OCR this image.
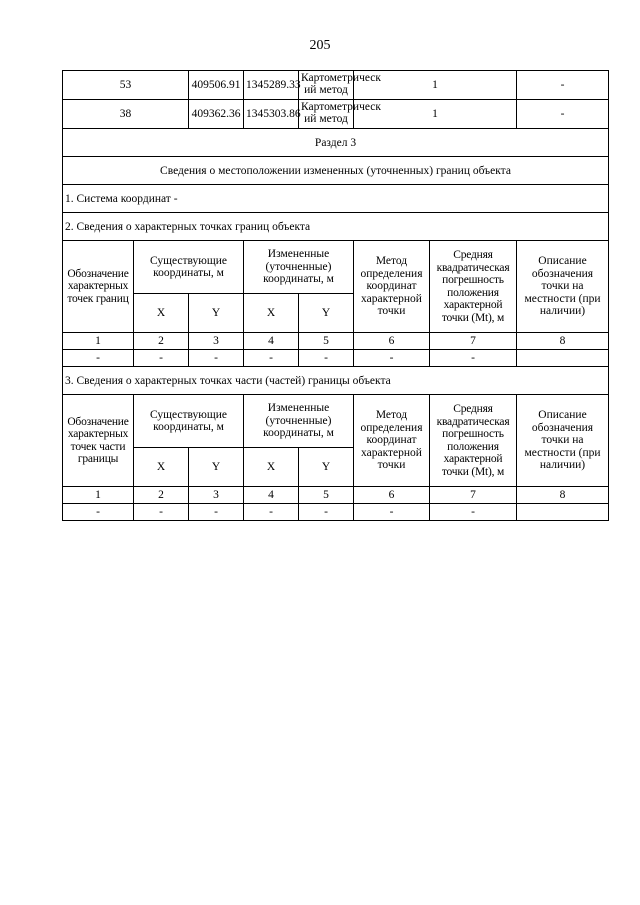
205
53		409506.91	1345289.33	Картометрическ ий метод	1		-
38		409362.36	1345303.86	Картометрическ ий метод	1		-
Раздел 3							
Сведения о местоположении измененных (уточненных) границ объекта							
1. Система координат -							
2. Сведения о характерных точках границ объекта							
Обозначение характерных точек границ	Существующие координаты, м		Измененные (уточненные) координаты, м		Метод определения координат характерной точки	Средняя квадратическая погрешность положения характерной точки (Mt), м	Описание обозначения точки на местности (при наличии)
	X	Y	X	Y			
1	2	3	4	5	6	7	8
-	-	-	-	-	-	-	
3. Сведения о характерных точках части (частей) границы объекта							
Обозначение характерных точек части границы	Существующие координаты, м		Измененные (уточненные) координаты, м		Метод определения координат характерной точки	Средняя квадратическая погрешность положения характерной точки (Mt), м	Описание обозначения точки на местности (при наличии)
	X	Y	X	Y			
1	2	3	4	5	6	7	8
-	-	-	-	-	-	-	
